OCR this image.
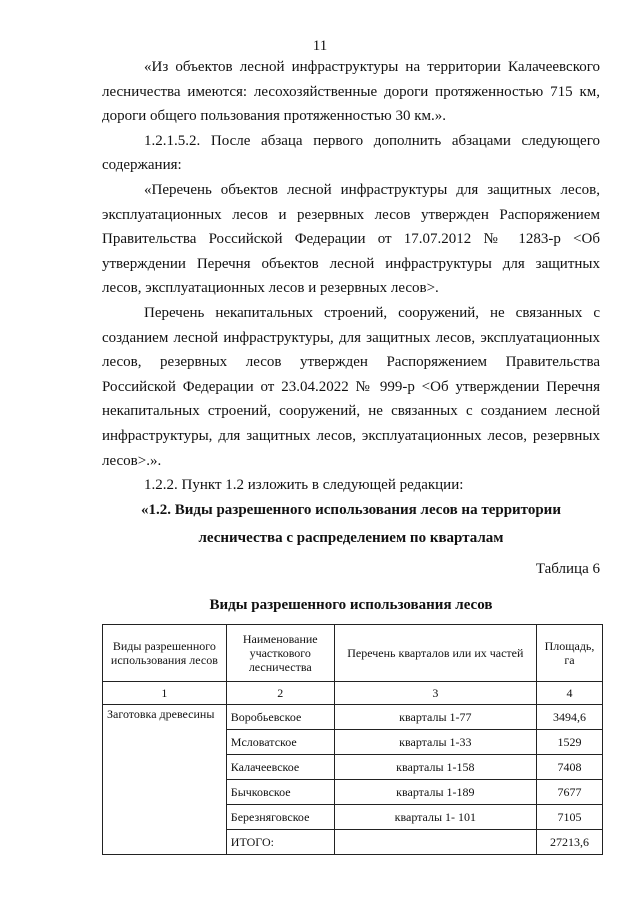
11

«Из объектов лесной инфраструктуры на территории Калачеевского лесничества имеются: лесохозяйственные дороги протяженностью 715 км, дороги общего пользования протяженностью 30 км.».

1.2.1.5.2. После абзаца первого дополнить абзацами следующего содержания:

«Перечень объектов лесной инфраструктуры для защитных лесов, эксплуатационных лесов и резервных лесов утвержден Распоряжением Правительства Российской Федерации от 17.07.2012 № 1283-р <Об утверждении Перечня объектов лесной инфраструктуры для защитных лесов, эксплуатационных лесов и резервных лесов>.

Перечень некапитальных строений, сооружений, не связанных с созданием лесной инфраструктуры, для защитных лесов, эксплуатационных лесов, резервных лесов утвержден Распоряжением Правительства Российской Федерации от 23.04.2022 № 999-р <Об утверждении Перечня некапитальных строений, сооружений, не связанных с созданием лесной инфраструктуры, для защитных лесов, эксплуатационных лесов, резервных лесов>.».

1.2.2. Пункт 1.2 изложить в следующей редакции:

«1.2. Виды разрешенного использования лесов на территории

лесничества с распределением по кварталам

Таблица 6

Виды разрешенного использования лесов

Виды разрешенного использования лесов	Наименование участкового лесничества	Перечень кварталов или их частей	Площадь, га
1	2	3	4
Заготовка древесины	Воробьевское	кварталы 1-77	3494,6
	Мсловатское	кварталы 1-33	1529
	Калачеевское	кварталы 1-158	7408
	Бычковское	кварталы 1-189	7677
	Березняговское	кварталы 1- 101	7105
	ИТОГО:		27213,6
